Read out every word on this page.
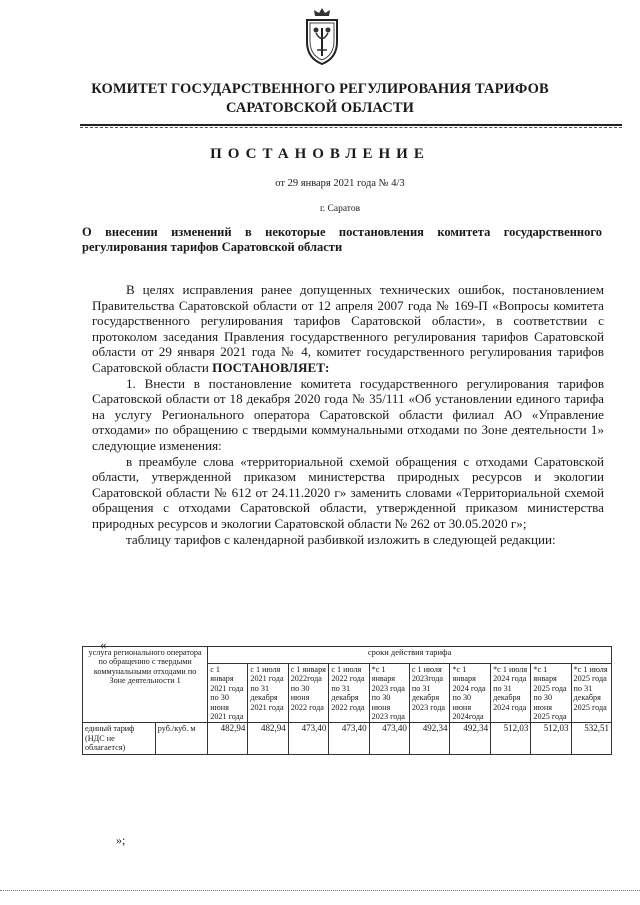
КОМИТЕТ ГОСУДАРСТВЕННОГО РЕГУЛИРОВАНИЯ ТАРИФОВ
САРАТОВСКОЙ ОБЛАСТИ
ПОСТАНОВЛЕНИЕ
от 29 января 2021 года № 4/3
г. Саратов
О внесении изменений в некоторые постановления комитета государственного регулирования тарифов Саратовской области

В целях исправления ранее допущенных технических ошибок, постановлением Правительства Саратовской области от 12 апреля 2007 года № 169-П «Вопросы комитета государственного регулирования тарифов Саратовской области», в соответствии с протоколом заседания Правления государственного регулирования тарифов Саратовской области от 29 января 2021 года № 4, комитет государственного регулирования тарифов Саратовской области ПОСТАНОВЛЯЕТ:

1. Внести в постановление комитета государственного регулирования тарифов Саратовской области от 18 декабря 2020 года № 35/111 «Об установлении единого тарифа на услугу Регионального оператора Саратовской области филиал АО «Управление отходами» по обращению с твердыми коммунальными отходами по Зоне деятельности 1» следующие изменения:

в преамбуле слова «территориальной схемой обращения с отходами Саратовской области, утвержденной приказом министерства природных ресурсов и экологии Саратовской области № 612 от 24.11.2020 г» заменить словами «Территориальной схемой обращения с отходами Саратовской области, утвержденной приказом министерства природных ресурсов и экологии Саратовской области № 262 от 30.05.2020 г»;

таблицу тарифов с календарной разбивкой изложить в следующей редакции:

«
услуга регионального оператора по обращению с твердыми коммунальными отходами по Зоне деятельности 1		сроки действия тарифа									
		с 1 января 2021 года по 30 июня 2021 года	с 1 июля 2021 года по 31 декабря 2021 года	с 1 января 2022года по 30 июня 2022 года	с 1 июля 2022 года по 31 декабря 2022 года	*с 1 января 2023 года по 30 июня 2023 года	с 1 июля 2023года по 31 декабря 2023 года	*с 1 января 2024 года по 30 июня 2024года	*с 1 июля 2024 года по 31 декабря 2024 года	*с 1 января 2025 года по 30 июня 2025 года	*с 1 июля 2025 года по 31 декабря 2025 года
единый тариф (НДС не облагается)	руб./куб. м	482,94	482,94	473,40	473,40	473,40	492,34	492,34	512,03	512,03	532,51
»;
